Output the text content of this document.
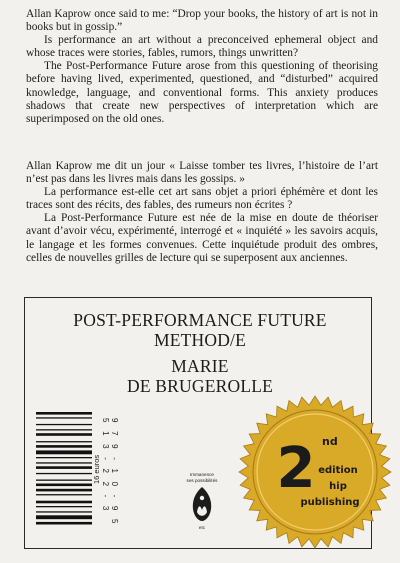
Allan Kaprow once said to me: “Drop your books, the history of art is not in books but in gossip.”

Is performance an art without a preconceived ephemeral object and whose traces were stories, fables, rumors, things unwritten?

The Post-Performance Future arose from this questioning of theorising before having lived, experimented, questioned, and “disturbed” acquired knowledge, language, and conventional forms. This anxiety produces shadows that create new perspectives of interpretation which are superimposed on the old ones.

Allan Kaprow me dit un jour « Laisse tomber tes livres, l’histoire de l’art n’est pas dans les livres mais dans les gossips. »

La performance est-elle cet art sans objet a priori éphémère et dont les traces sont des récits, des fables, des rumeurs non écrites ?

La Post-Performance Future est née de la mise en doute de théoriser avant d’avoir vécu, expérimenté, interrogé et « inquiété » les savoirs acquis, le langage et les formes convenues. Cette inquiétude produit des ombres, celles de nouvelles grilles de lecture qui se superposent aux anciennes.

POST-PERFORMANCE FUTURE
METHOD/E
MARIE
DE BRUGEROLLE
9 7 9 - 1 0 - 9 5 5 1 3 - 2 2 - 3
16 euros	Immanence
ses possibilités
etc
2 nd
edition
hip
publishing
